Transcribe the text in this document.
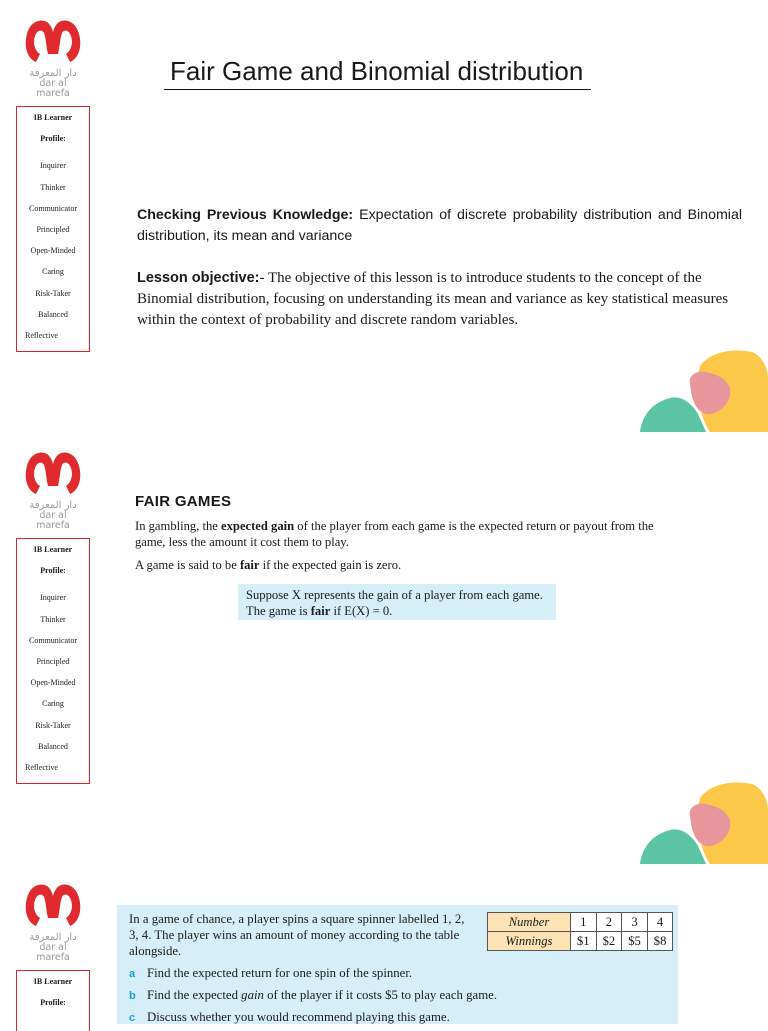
دار المعرفة
dar al marefa
IB Learner
Profile:
Inquirer
Thinker
Communicator
Principled
Open-Minded
Caring
Risk-Taker
Balanced
Reflective
Fair Game and Binomial distribution
Checking Previous Knowledge: Expectation of discrete probability distribution and Binomial distribution, its mean and variance
Lesson objective:- The objective of this lesson is to introduce students to the concept of the Binomial distribution, focusing on understanding its mean and variance as key statistical measures within the context of probability and discrete random variables.
دار المعرفة
dar al marefa
IB Learner
Profile:
Inquirer
Thinker
Communicator
Principled
Open-Minded
Caring
Risk-Taker
Balanced
Reflective
FAIR GAMES
In gambling, the expected gain of the player from each game is the expected return or payout from the game, less the amount it cost them to play.
A game is said to be fair if the expected gain is zero.
Suppose X represents the gain of a player from each game.
The game is fair if E(X) = 0.
دار المعرفة
dar al marefa
IB Learner
Profile:
In a game of chance, a player spins a square spinner labelled 1, 2, 3, 4. The player wins an amount of money according to the table alongside.
Number	1	2	3	4
Winnings	$1	$2	$5	$8
a Find the expected return for one spin of the spinner.
b Find the expected gain of the player if it costs $5 to play each game.
c Discuss whether you would recommend playing this game.
